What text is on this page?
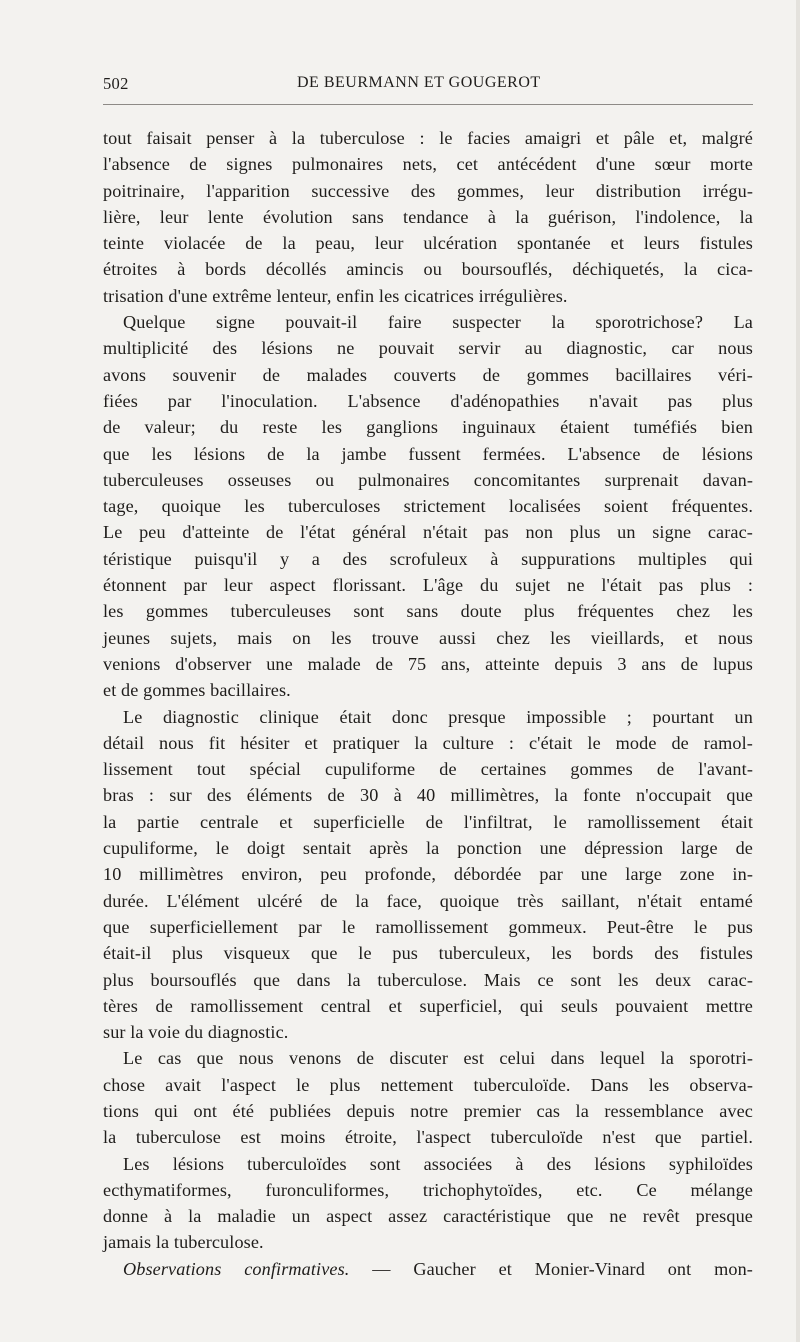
502	DE BEURMANN ET GOUGEROT
tout faisait penser à la tuberculose : le facies amaigri et pâle et, malgré
l'absence de signes pulmonaires nets, cet antécédent d'une sœur morte
poitrinaire, l'apparition successive des gommes, leur distribution irrégu-
lière, leur lente évolution sans tendance à la guérison, l'indolence, la
teinte violacée de la peau, leur ulcération spontanée et leurs fistules
étroites à bords décollés amincis ou boursouflés, déchiquetés, la cica-
trisation d'une extrême lenteur, enfin les cicatrices irrégulières.
Quelque signe pouvait-il faire suspecter la sporotrichose? La
multiplicité des lésions ne pouvait servir au diagnostic, car nous
avons souvenir de malades couverts de gommes bacillaires véri-
fiées par l'inoculation. L'absence d'adénopathies n'avait pas plus
de valeur; du reste les ganglions inguinaux étaient tuméfiés bien
que les lésions de la jambe fussent fermées. L'absence de lésions
tuberculeuses osseuses ou pulmonaires concomitantes surprenait davan-
tage, quoique les tuberculoses strictement localisées soient fréquentes.
Le peu d'atteinte de l'état général n'était pas non plus un signe carac-
téristique puisqu'il y a des scrofuleux à suppurations multiples qui
étonnent par leur aspect florissant. L'âge du sujet ne l'était pas plus :
les gommes tuberculeuses sont sans doute plus fréquentes chez les
jeunes sujets, mais on les trouve aussi chez les vieillards, et nous
venions d'observer une malade de 75 ans, atteinte depuis 3 ans de lupus
et de gommes bacillaires.
Le diagnostic clinique était donc presque impossible ; pourtant un
détail nous fit hésiter et pratiquer la culture : c'était le mode de ramol-
lissement tout spécial cupuliforme de certaines gommes de l'avant-
bras : sur des éléments de 30 à 40 millimètres, la fonte n'occupait que
la partie centrale et superficielle de l'infiltrat, le ramollissement était
cupuliforme, le doigt sentait après la ponction une dépression large de
10 millimètres environ, peu profonde, débordée par une large zone in-
durée. L'élément ulcéré de la face, quoique très saillant, n'était entamé
que superficiellement par le ramollissement gommeux. Peut-être le pus
était-il plus visqueux que le pus tuberculeux, les bords des fistules
plus boursouflés que dans la tuberculose. Mais ce sont les deux carac-
tères de ramollissement central et superficiel, qui seuls pouvaient mettre
sur la voie du diagnostic.
Le cas que nous venons de discuter est celui dans lequel la sporotri-
chose avait l'aspect le plus nettement tuberculoïde. Dans les observa-
tions qui ont été publiées depuis notre premier cas la ressemblance avec
la tuberculose est moins étroite, l'aspect tuberculoïde n'est que partiel.
Les lésions tuberculoïdes sont associées à des lésions syphiloïdes
ecthymatiformes, furonculiformes, trichophytoïdes, etc. Ce mélange
donne à la maladie un aspect assez caractéristique que ne revêt presque
jamais la tuberculose.
Observations confirmatives. — Gaucher et Monier-Vinard ont mon-
